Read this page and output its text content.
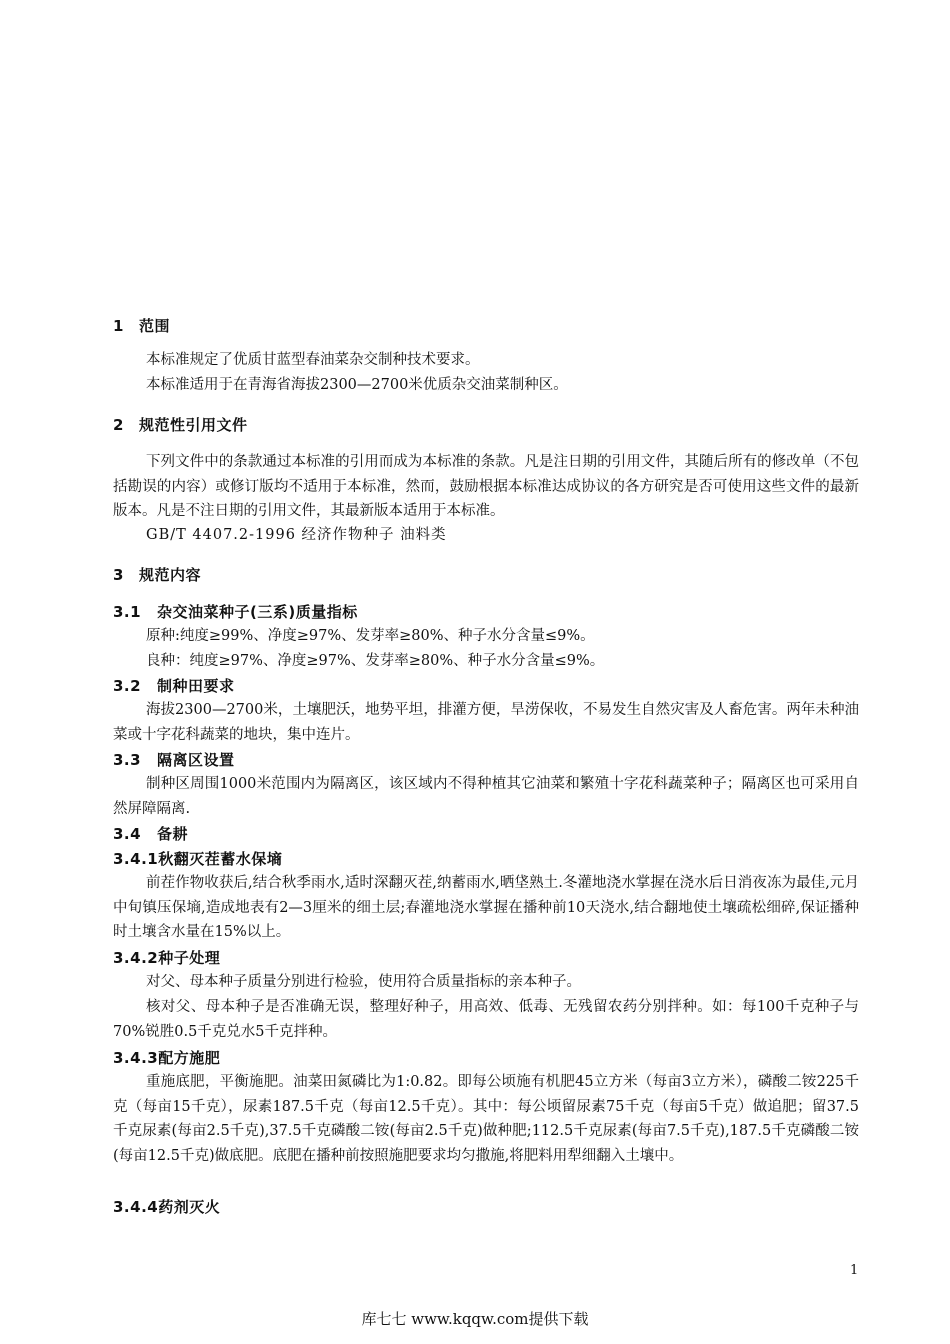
1 范围

本标准规定了优质甘蓝型春油菜杂交制种技术要求。

本标准适用于在青海省海拔2300—2700米优质杂交油菜制种区。

2 规范性引用文件

下列文件中的条款通过本标准的引用而成为本标准的条款。凡是注日期的引用文件，其随后所有的修改单（不包括勘误的内容）或修订版均不适用于本标准，然而，鼓励根据本标准达成协议的各方研究是否可使用这些文件的最新版本。凡是不注日期的引用文件，其最新版本适用于本标准。

GB/T 4407.2-1996 经济作物种子 油料类

3 规范内容
3.1 杂交油菜种子(三系)质量指标

原种:纯度≥99%、净度≥97%、发芽率≥80%、种子水分含量≤9%。

良种：纯度≥97%、净度≥97%、发芽率≥80%、种子水分含量≤9%。

3.2 制种田要求

海拔2300—2700米，土壤肥沃，地势平坦，排灌方便，旱涝保收，不易发生自然灾害及人畜危害。两年未种油菜或十字花科蔬菜的地块，集中连片。

3.3 隔离区设置

制种区周围1000米范围内为隔离区，该区域内不得种植其它油菜和繁殖十字花科蔬菜种子；隔离区也可采用自然屏障隔离.

3.4 备耕
3.4.1秋翻灭茬蓄水保墒

前茬作物收获后,结合秋季雨水,适时深翻灭茬,纳蓄雨水,晒垡熟土.冬灌地浇水掌握在浇水后日消夜冻为最佳,元月中旬镇压保墒,造成地表有2—3厘米的细土层;春灌地浇水掌握在播种前10天浇水,结合翻地使土壤疏松细碎,保证播种时土壤含水量在15%以上。

3.4.2种子处理

对父、母本种子质量分别进行检验，使用符合质量指标的亲本种子。

核对父、母本种子是否准确无误，整理好种子，用高效、低毒、无残留农药分别拌种。如：每100千克种子与70%锐胜0.5千克兑水5千克拌种。

3.4.3配方施肥

重施底肥，平衡施肥。油菜田氮磷比为1:0.82。即每公顷施有机肥45立方米（每亩3立方米），磷酸二铵225千克（每亩15千克），尿素187.5千克（每亩12.5千克）。其中：每公顷留尿素75千克（每亩5千克）做追肥；留37.5千克尿素(每亩2.5千克),37.5千克磷酸二铵(每亩2.5千克)做种肥;112.5千克尿素(每亩7.5千克),187.5千克磷酸二铵(每亩12.5千克)做底肥。底肥在播种前按照施肥要求均匀撒施,将肥料用犁细翻入土壤中。

3.4.4药剂灭火
1
库七七 www.kqqw.com提供下载
